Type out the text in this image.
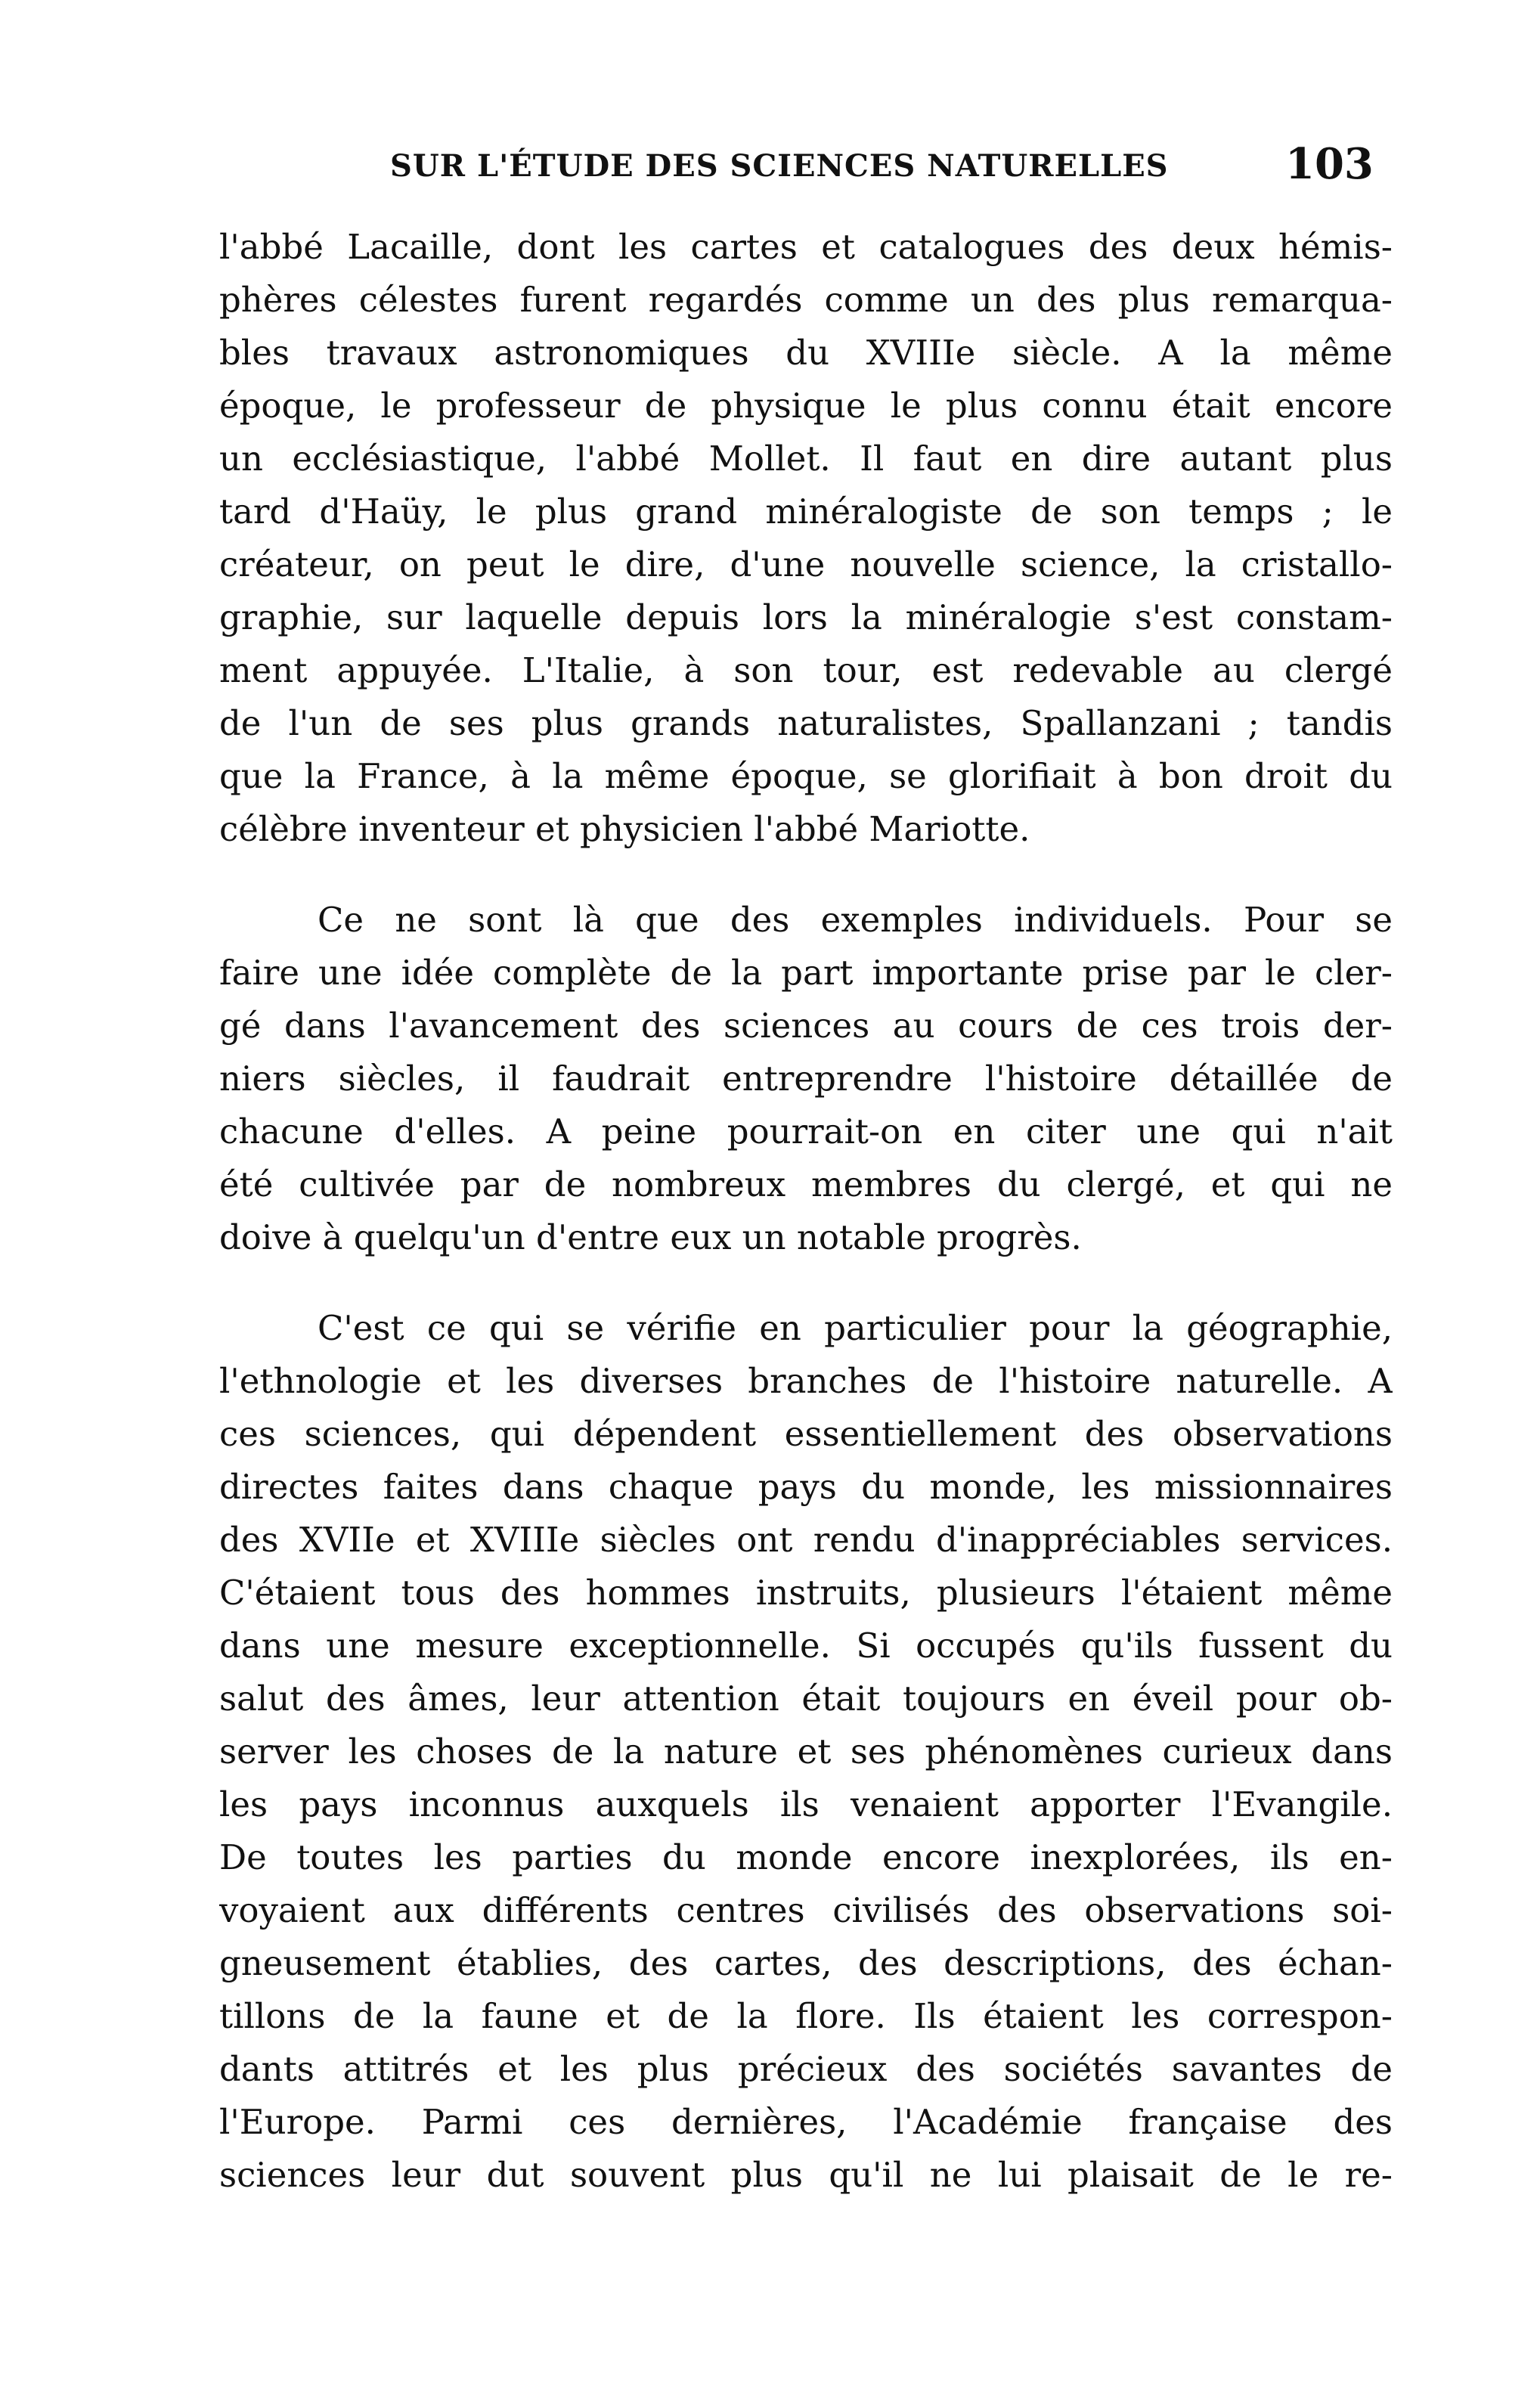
SUR L'ÉTUDE DES SCIENCES NATURELLES	103

l'abbé Lacaille, dont les cartes et catalogues des deux hémis-
phères célestes furent regardés comme un des plus remarqua-
bles travaux astronomiques du XVIIIe siècle. A la même
époque, le professeur de physique le plus connu était encore
un ecclésiastique, l'abbé Mollet. Il faut en dire autant plus
tard d'Haüy, le plus grand minéralogiste de son temps ; le
créateur, on peut le dire, d'une nouvelle science, la cristallo-
graphie, sur laquelle depuis lors la minéralogie s'est constam-
ment appuyée. L'Italie, à son tour, est redevable au clergé
de l'un de ses plus grands naturalistes, Spallanzani ; tandis
que la France, à la même époque, se glorifiait à bon droit du
célèbre inventeur et physicien l'abbé Mariotte.

Ce ne sont là que des exemples individuels. Pour se
faire une idée complète de la part importante prise par le cler-
gé dans l'avancement des sciences au cours de ces trois der-
niers siècles, il faudrait entreprendre l'histoire détaillée de
chacune d'elles. A peine pourrait-on en citer une qui n'ait
été cultivée par de nombreux membres du clergé, et qui ne
doive à quelqu'un d'entre eux un notable progrès.

C'est ce qui se vérifie en particulier pour la géographie,
l'ethnologie et les diverses branches de l'histoire naturelle. A
ces sciences, qui dépendent essentiellement des observations
directes faites dans chaque pays du monde, les missionnaires
des XVIIe et XVIIIe siècles ont rendu d'inappréciables services.
C'étaient tous des hommes instruits, plusieurs l'étaient même
dans une mesure exceptionnelle. Si occupés qu'ils fussent du
salut des âmes, leur attention était toujours en éveil pour ob-
server les choses de la nature et ses phénomènes curieux dans
les pays inconnus auxquels ils venaient apporter l'Evangile.
De toutes les parties du monde encore inexplorées, ils en-
voyaient aux différents centres civilisés des observations soi-
gneusement établies, des cartes, des descriptions, des échan-
tillons de la faune et de la flore. Ils étaient les correspon-
dants attitrés et les plus précieux des sociétés savantes de
l'Europe. Parmi ces dernières, l'Académie française des
sciences leur dut souvent plus qu'il ne lui plaisait de le re-
